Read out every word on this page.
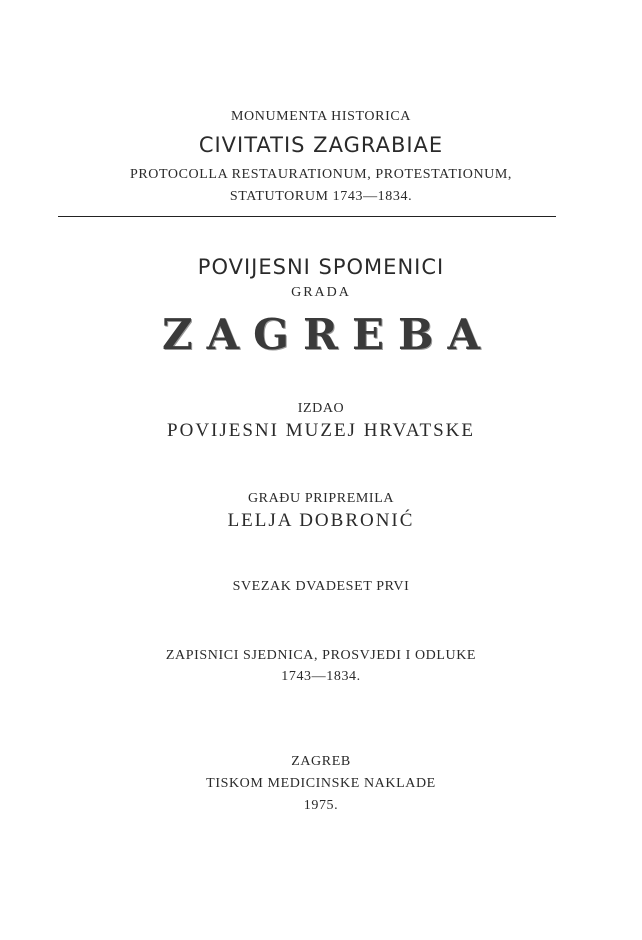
MONUMENTA HISTORICA
CIVITATIS ZAGRABIAE
PROTOCOLLA RESTAURATIONUM, PROTESTATIONUM,
STATUTORUM 1743—1834.
POVIJESNI SPOMENICI
GRADA
ZAGREBA
IZDAO
POVIJESNI MUZEJ HRVATSKE
GRAĐU PRIPREMILA
LELJA DOBRONIĆ
SVEZAK DVADESET PRVI
ZAPISNICI SJEDNICA, PROSVJEDI I ODLUKE
1743—1834.
ZAGREB
TISKOM MEDICINSKE NAKLADE
1975.
